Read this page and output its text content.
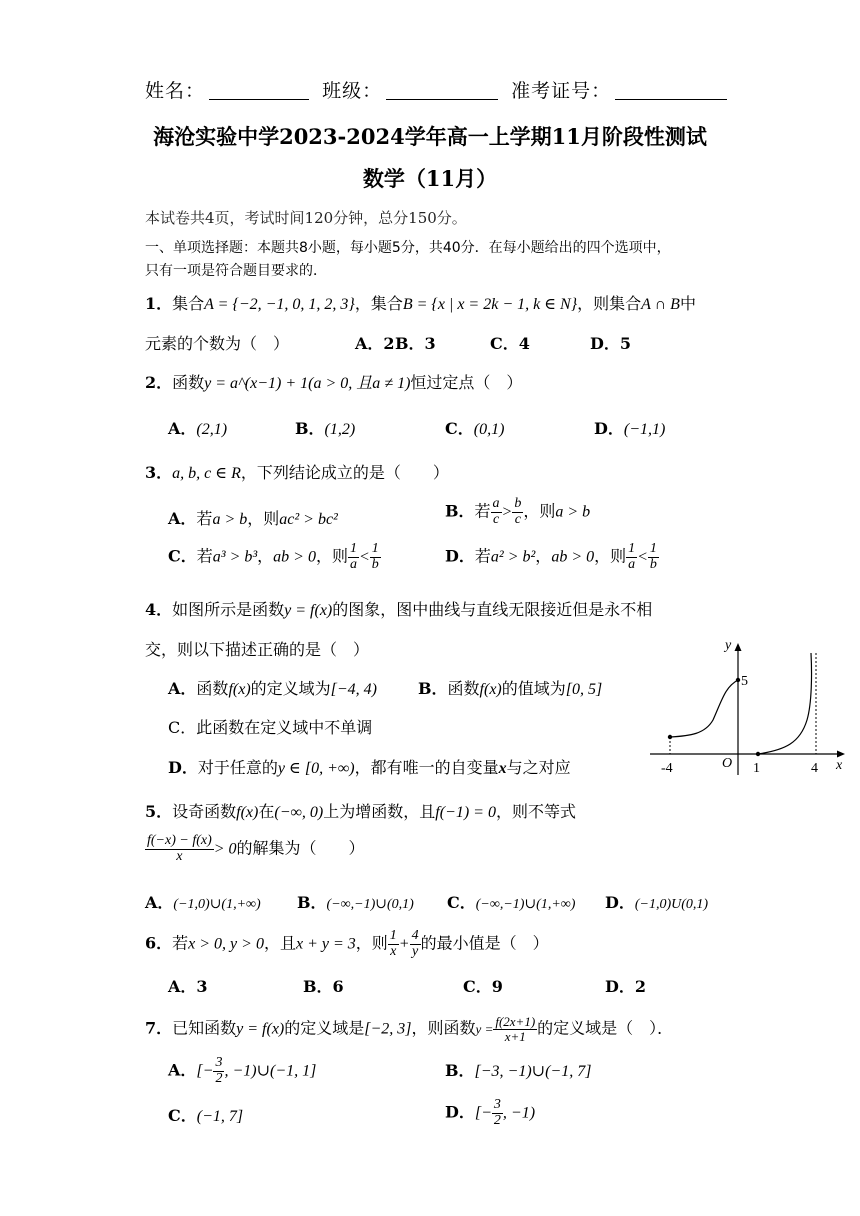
姓名：	班级：	准考证号：
海沧实验中学2023-2024学年高一上学期11月阶段性测试
数学（11月）
本试卷共4页，考试时间120分钟，总分150分。
一、单项选择题：本题共8小题，每小题5分，共40分．在每小题给出的四个选项中，
只有一项是符合题目要求的．
1．集合A = {−2, −1, 0, 1, 2, 3}，集合B = {x | x = 2k − 1, k ∈ N}，则集合A ∩ B中
元素的个数为（　）	A．2 B．3	C．4	D．5
2．函数y = a^(x−1) + 1(a > 0, 且a ≠ 1)恒过定点（　）
A．(2,1)	B．(1,2)	C．(0,1)	D．(−1,1)
3．a, b, c ∈ R，下列结论成立的是（　　）
A．若a > b，则ac² > bc²	B．若 $\frac{a}{c} > \frac{b}{c}$ ，则a > b
C．若a³ > b³，ab > 0，则 $\frac{1}{a} < \frac{1}{b}$	D．若a² > b²，ab > 0，则 $\frac{1}{a} < \frac{1}{b}$
4．如图所示是函数y = f(x)的图象，图中曲线与直线无限接近但是永不相
交，则以下描述正确的是（　）
A．函数f(x)的定义域为[−4, 4)	B．函数f(x)的值域为[0, 5]
C．此函数在定义域中不单调
D．对于任意的y ∈ [0, +∞)，都有唯一的自变量x与之对应
y
x
O
5
-4	1	4
5．设奇函数f(x)在(−∞, 0)上为增函数，且f(−1) = 0，则不等式
$\frac{f(-x) - f(x)}{x} > 0$的解集为（　　）
A．(−1,0)∪(1,+∞) B．(−∞,−1)∪(0,1) C．(−∞,−1)∪(1,+∞) D．(−1,0)U(0,1)
6．若x > 0, y > 0，且x + y = 3，则 $\frac{1}{x} + \frac{4}{y}$ 的最小值是（　）
A．3	B．6	C．9	D．2
7．已知函数y = f(x)的定义域是[−2, 3]，则函数$y = \frac{f(2x+1)}{x+1}$ 的定义域是（　）．
A．[− $\frac{3}{2}$ , −1)∪(−1, 1]	B．[−3, −1)∪(−1, 7]
C．(−1, 7]	D．[− $\frac{3}{2}$ , −1)
